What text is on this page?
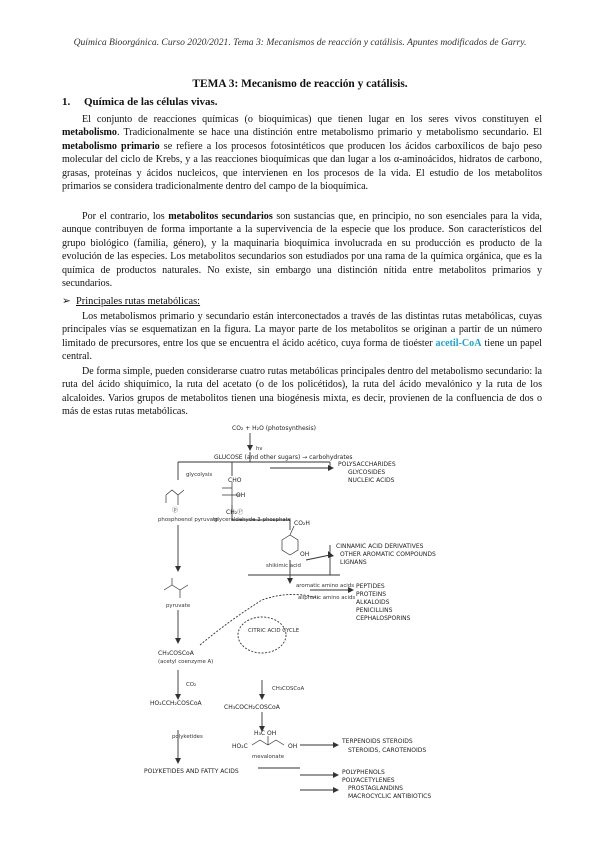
Química Bioorgánica. Curso 2020/2021. Tema 3: Mecanismos de reacción y catálisis. Apuntes modificados de Garry.
TEMA 3: Mecanismo de reacción y catálisis.
1. Química de las células vivas.
El conjunto de reacciones químicas (o bioquímicas) que tienen lugar en los seres vivos constituyen el metabolismo. Tradicionalmente se hace una distinción entre metabolismo primario y metabolismo secundario. El metabolismo primario se refiere a los procesos fotosintéticos que producen los ácidos carboxílicos de bajo peso molecular del ciclo de Krebs, y a las reacciones bioquímicas que dan lugar a los α-aminoácidos, hidratos de carbono, grasas, proteínas y ácidos nucleicos, que intervienen en los procesos de la vida. El estudio de los metabolitos primarios se considera tradicionalmente dentro del campo de la bioquímica.
Por el contrario, los metabolitos secundarios son sustancias que, en principio, no son esenciales para la vida, aunque contribuyen de forma importante a la supervivencia de la especie que los produce. Son característicos del grupo biológico (familia, género), y la maquinaria bioquímica involucrada en su producción es producto de la evolución de las especies. Los metabolitos secundarios son estudiados por una rama de la química orgánica, que es la química de productos naturales. No existe, sin embargo una distinción nítida entre metabolitos primarios y secundarios.
➢ Principales rutas metabólicas:
Los metabolismos primario y secundario están interconectados a través de las distintas rutas metabólicas, cuyas principales vías se esquematizan en la figura. La mayor parte de los metabolitos se originan a partir de un número limitado de precursores, entre los que se encuentra el ácido acético, cuya forma de tioéster acetil-CoA tiene un papel central.
De forma simple, pueden considerarse cuatro rutas metabólicas principales dentro del metabolismo secundario: la ruta del ácido shiquímico, la ruta del acetato (o de los policétidos), la ruta del ácido mevalónico y la ruta de los alcaloides. Varios grupos de metabolitos tienen una biogénesis mixta, es decir, provienen de la confluencia de dos o más de estas rutas metabólicas.
CO₂ + H₂O (photosynthesis)
hν
GLUCOSE (and other sugars) → carbohydrates
glycolysis
ⓟ
phosphoenol pyruvate
CHO
OH
CH₂Ⓟ
glyceraldehyde 3-phosphate CO₂H
OH
shikimic acid
aromatic amino acids
aliphatic amino acids
pyruvate
CH₃COSCoA
(acetyl coenzyme A)
CITRIC ACID CYCLE
CO₂
HO₂CCH₂COSCoA
CH₃COSCoA
CH₃COCH₂COSCoA
H₃C OH
HO₂C	OH
mevalonate
polyketides
POLYKETIDES AND FATTY ACIDS
POLYSACCHARIDES
GLYCOSIDES
NUCLEIC ACIDS
CINNAMIC ACID DERIVATIVES
OTHER AROMATIC COMPOUNDS
LIGNANS
PEPTIDES
PROTEINS
ALKALOIDS
PENICILLINS
CEPHALOSPORINS
TERPENOIDS STEROIDS
STEROIDS, CAROTENOIDS
POLYPHENOLS
POLYACETYLENES
PROSTAGLANDINS
MACROCYCLIC ANTIBIOTICS
